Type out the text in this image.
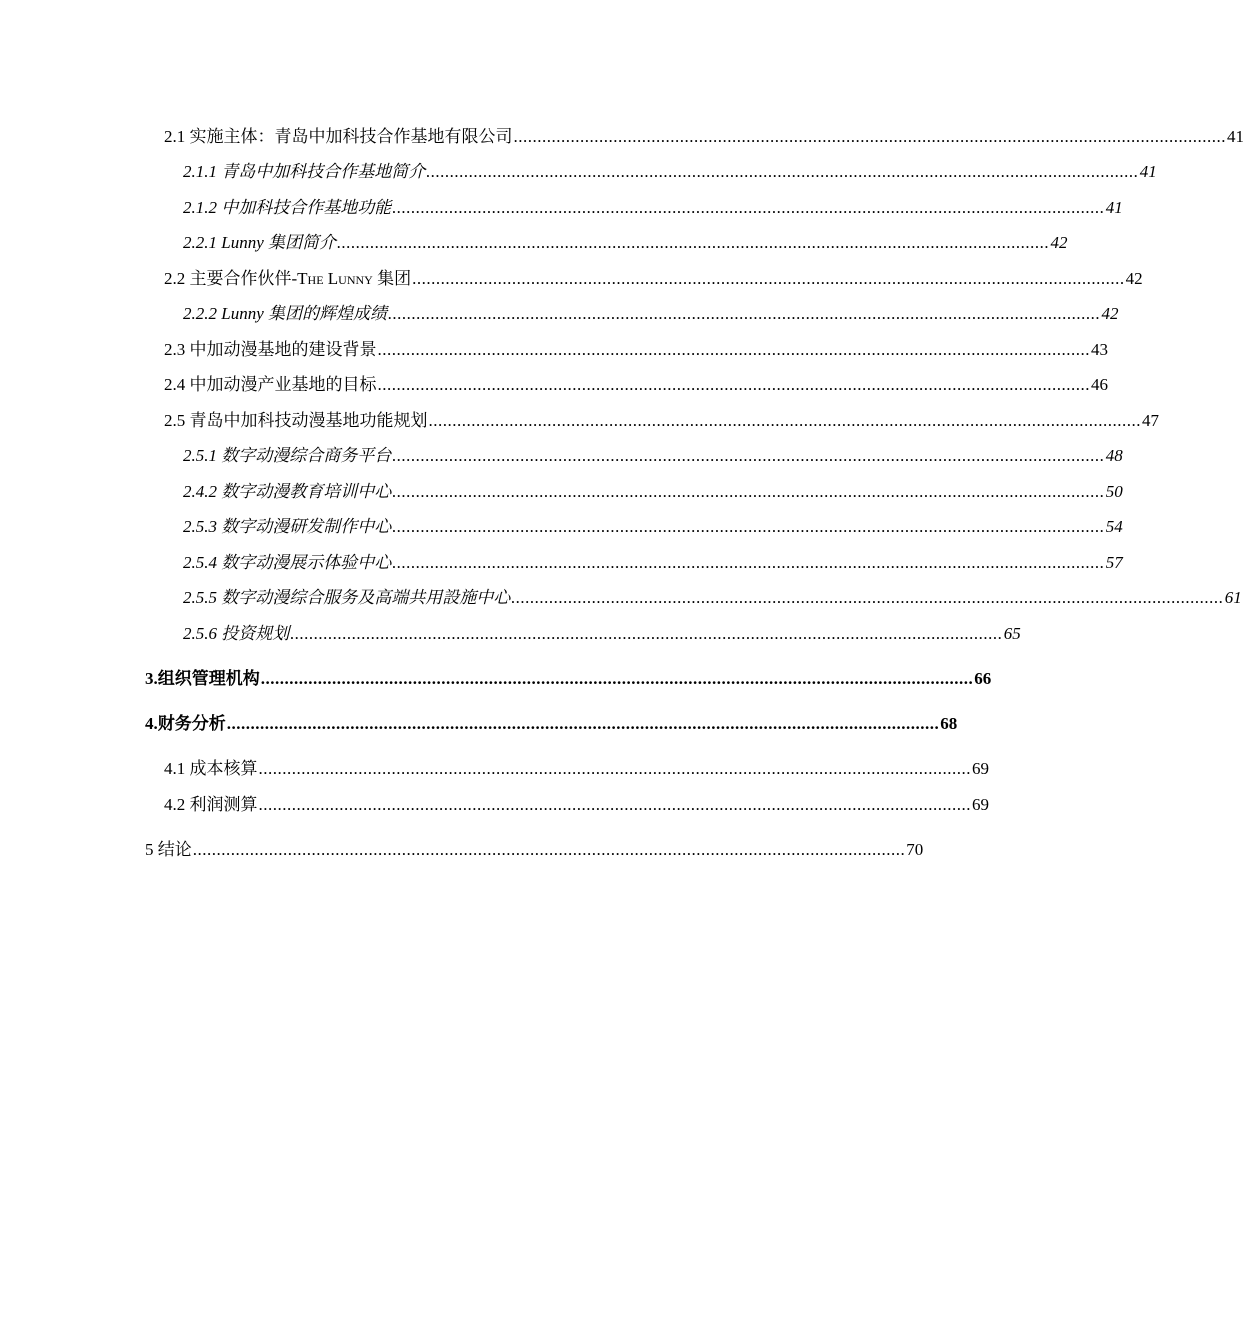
2.1 实施主体：青岛中加科技合作基地有限公司 ...................................................................................................................................................... 41
2.1.1 青岛中加科技合作基地简介 ...................................................................................................................................................... 41
2.1.2 中加科技合作基地功能 ...................................................................................................................................................... 41
2.2.1 Lunny 集团简介 ...................................................................................................................................................... 42
2.2 主要合作伙伴-The Lunny 集团 ...................................................................................................................................................... 42
2.2.2 Lunny 集团的辉煌成绩 ...................................................................................................................................................... 42
2.3 中加动漫基地的建设背景 ...................................................................................................................................................... 43
2.4 中加动漫产业基地的目标 ...................................................................................................................................................... 46
2.5 青岛中加科技动漫基地功能规划 ...................................................................................................................................................... 47
2.5.1 数字动漫综合商务平台 ...................................................................................................................................................... 48
2.4.2 数字动漫教育培训中心 ...................................................................................................................................................... 50
2.5.3 数字动漫研发制作中心 ...................................................................................................................................................... 54
2.5.4 数字动漫展示体验中心 ...................................................................................................................................................... 57
2.5.5 数字动漫综合服务及高端共用設施中心 ...................................................................................................................................................... 61
2.5.6 投资规划 ...................................................................................................................................................... 65
3.组织管理机构 ...................................................................................................................................................... 66
4.财务分析 ...................................................................................................................................................... 68
4.1 成本核算 ...................................................................................................................................................... 69
4.2 利润测算 ...................................................................................................................................................... 69
5 结论 ...................................................................................................................................................... 70
